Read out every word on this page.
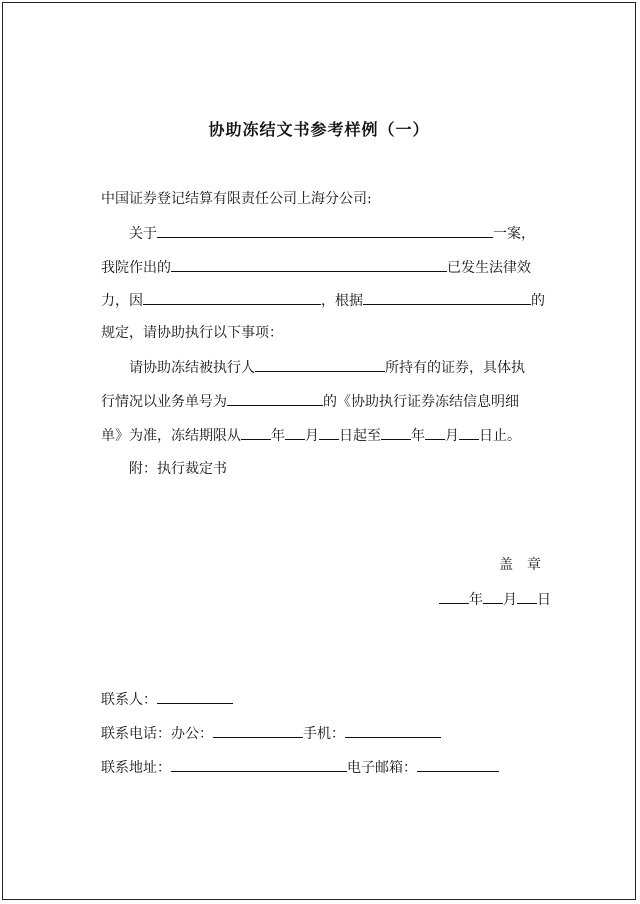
协助冻结文书参考样例（一）
中国证券登记结算有限责任公司上海分公司:
关于	一案，
我院作出的	已发生法律效
力，因	，根据	的
规定，请协助执行以下事项：
请协助冻结被执行人	所持有的证券，具体执
行情况以业务单号为	的《协助执行证券冻结信息明细
单》为准，冻结期限从 年 月 日起至 年 月 日止。
附：执行裁定书
盖　章
年 月 日
联系人：
联系电话：办公：	手机：
联系地址：	电子邮箱：
